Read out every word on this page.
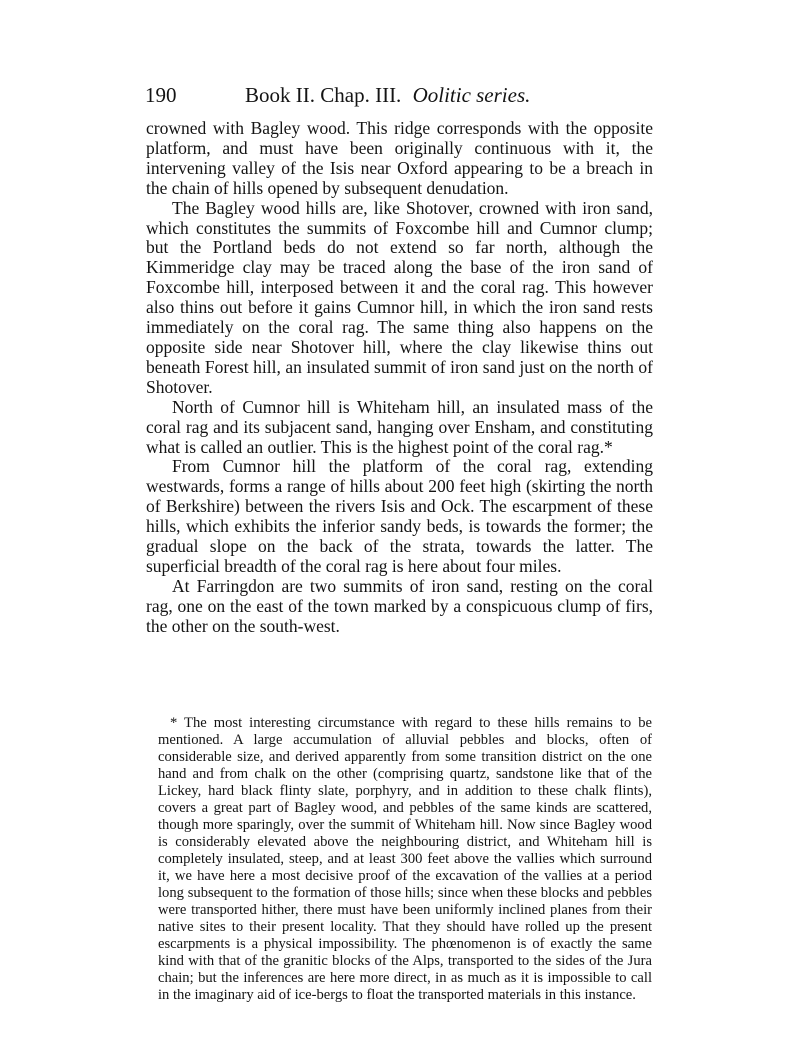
190	Book II. Chap. III. Oolitic series.

crowned with Bagley wood. This ridge corresponds with the opposite platform, and must have been originally continuous with it, the intervening valley of the Isis near Oxford appearing to be a breach in the chain of hills opened by subsequent denudation.

The Bagley wood hills are, like Shotover, crowned with iron sand, which constitutes the summits of Foxcombe hill and Cumnor clump; but the Portland beds do not extend so far north, although the Kimmeridge clay may be traced along the base of the iron sand of Foxcombe hill, interposed between it and the coral rag. This however also thins out before it gains Cumnor hill, in which the iron sand rests immediately on the coral rag. The same thing also happens on the opposite side near Shotover hill, where the clay likewise thins out beneath Forest hill, an insulated summit of iron sand just on the north of Shotover.

North of Cumnor hill is Whiteham hill, an insulated mass of the coral rag and its subjacent sand, hanging over Ensham, and constituting what is called an outlier. This is the highest point of the coral rag.*

From Cumnor hill the platform of the coral rag, extending westwards, forms a range of hills about 200 feet high (skirting the north of Berkshire) between the rivers Isis and Ock. The escarpment of these hills, which exhibits the inferior sandy beds, is towards the former; the gradual slope on the back of the strata, towards the latter. The superficial breadth of the coral rag is here about four miles.

At Farringdon are two summits of iron sand, resting on the coral rag, one on the east of the town marked by a conspicuous clump of firs, the other on the south-west.

* The most interesting circumstance with regard to these hills remains to be mentioned. A large accumulation of alluvial pebbles and blocks, often of considerable size, and derived apparently from some transition district on the one hand and from chalk on the other (comprising quartz, sandstone like that of the Lickey, hard black flinty slate, porphyry, and in addition to these chalk flints), covers a great part of Bagley wood, and pebbles of the same kinds are scattered, though more sparingly, over the summit of Whiteham hill. Now since Bagley wood is considerably elevated above the neighbouring district, and Whiteham hill is completely insulated, steep, and at least 300 feet above the vallies which surround it, we have here a most decisive proof of the excavation of the vallies at a period long subsequent to the formation of those hills; since when these blocks and pebbles were transported hither, there must have been uniformly inclined planes from their native sites to their present locality. That they should have rolled up the present escarpments is a physical impossibility. The phœnomenon is of exactly the same kind with that of the granitic blocks of the Alps, transported to the sides of the Jura chain; but the inferences are here more direct, in as much as it is impossible to call in the imaginary aid of ice-bergs to float the transported materials in this instance.
